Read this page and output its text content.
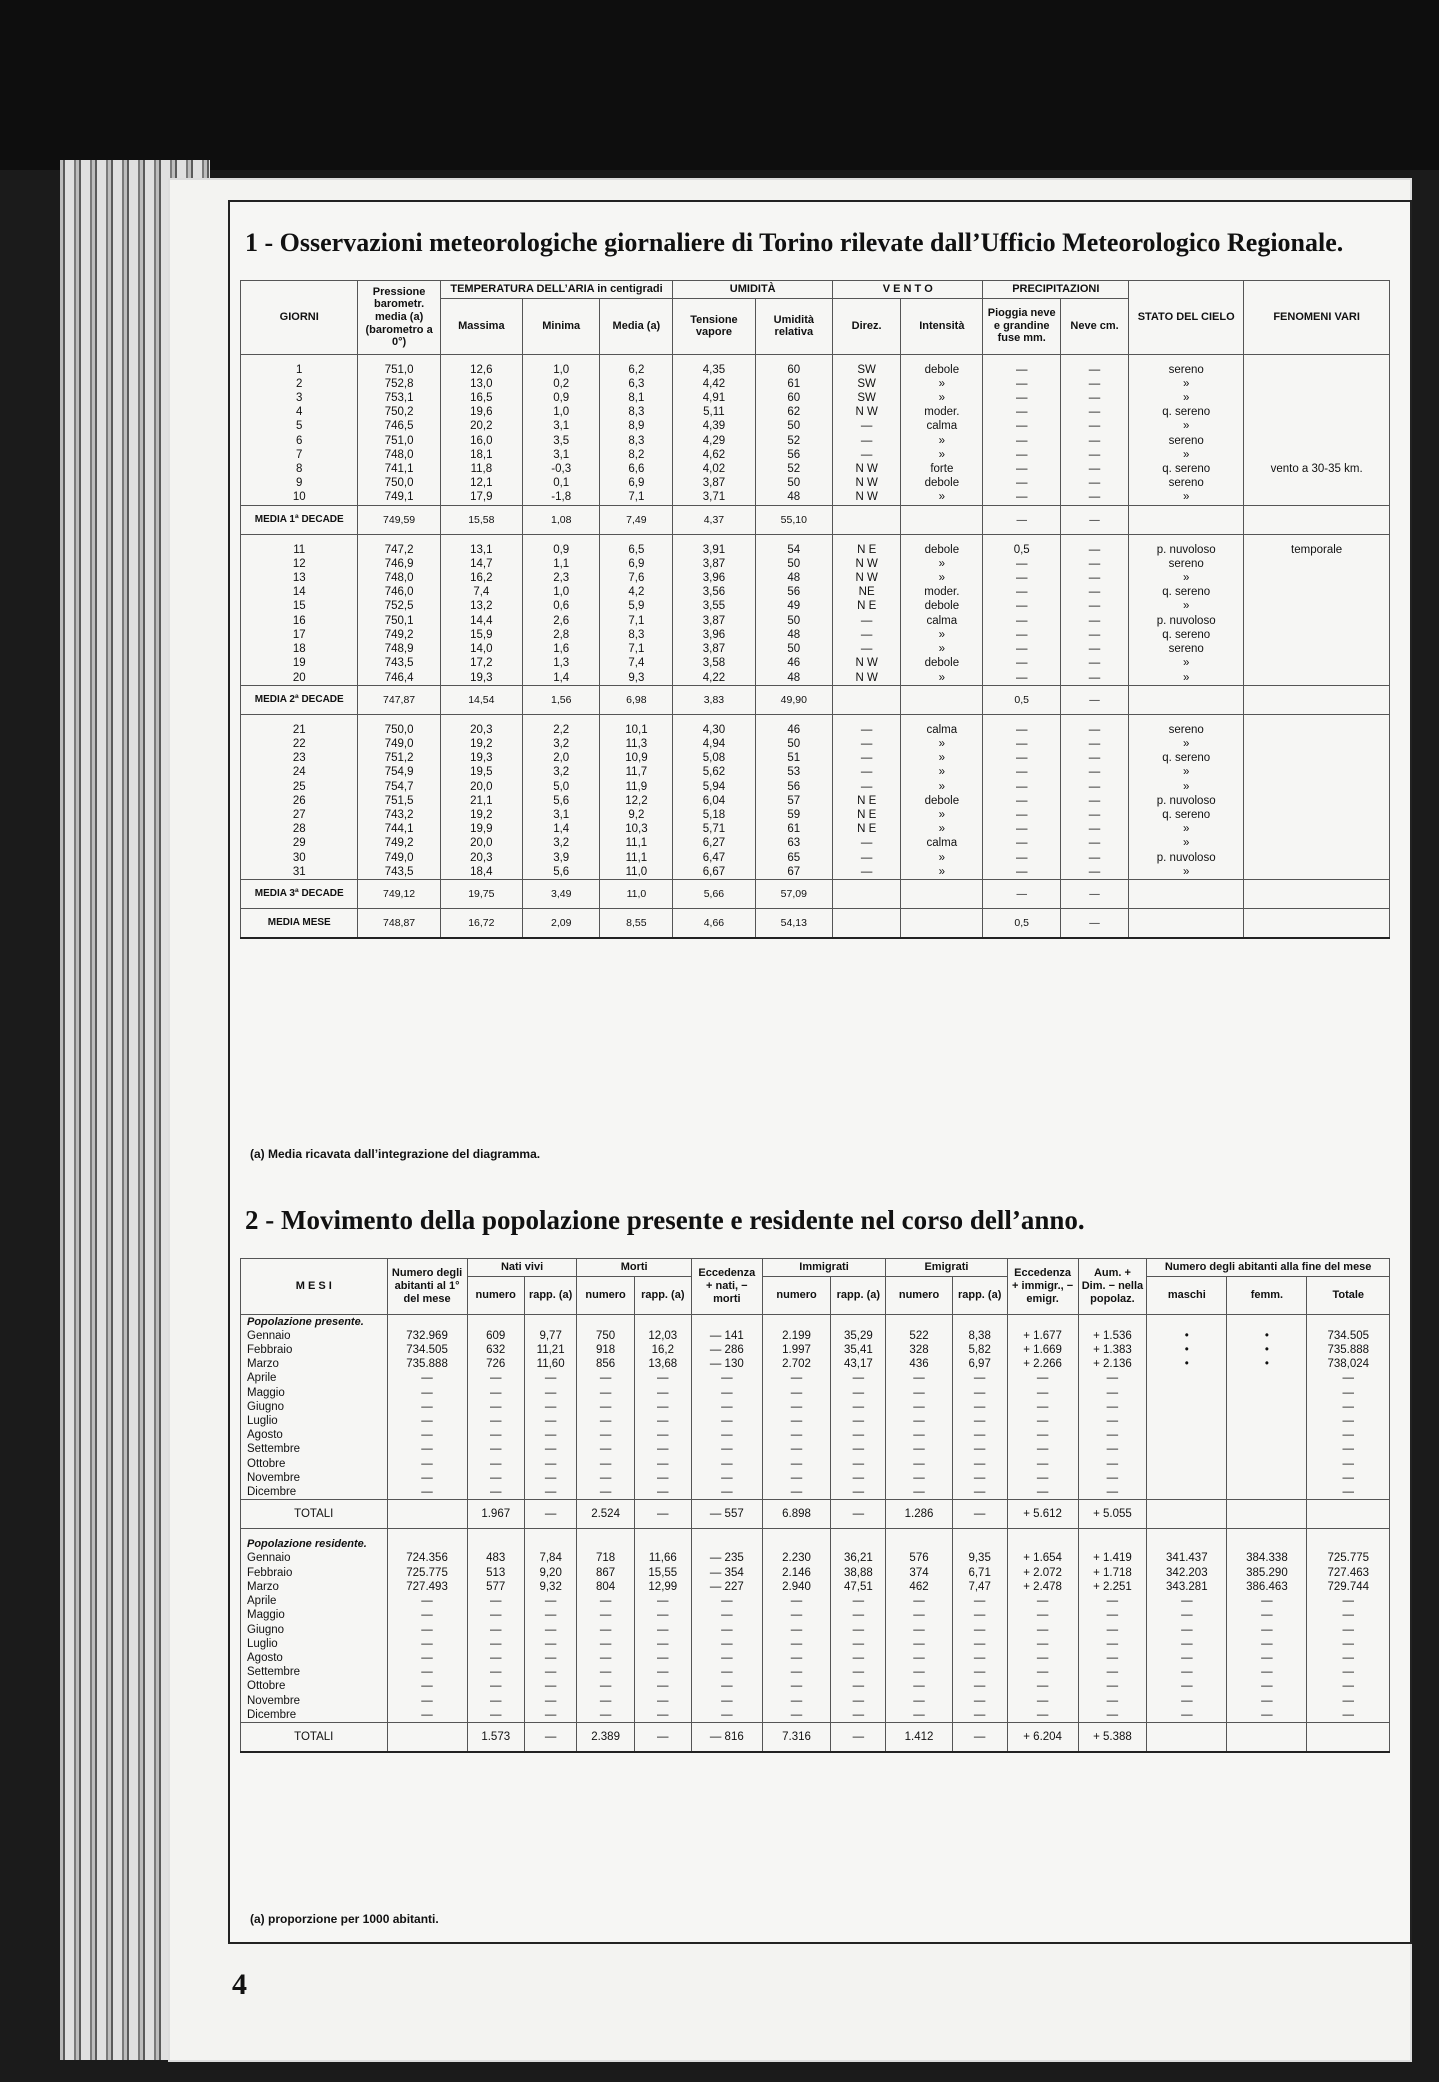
1 - Osservazioni meteorologiche giornaliere di Torino rilevate dall’Ufficio Meteorologico Regionale.
GIORNI	Pressione barometr. media (a) (barometro a 0°)	TEMPERATURA DELL’ARIA in centigradi			UMIDITÀ		V E N T O		PRECIPITAZIONI		STATO DEL CIELO	FENOMENI VARI
		Massima	Minima	Media (a)	Tensione vapore	Umidità relativa	Direz.	Intensità	Pioggia neve e grandine fuse mm.	Neve cm.		

1	751,0	12,6	1,0	6,2	4,35	60	SW	debole	—	—	sereno	
2	752,8	13,0	0,2	6,3	4,42	61	SW	»	—	—	»	
3	753,1	16,5	0,9	8,1	4,91	60	SW	»	—	—	»	
4	750,2	19,6	1,0	8,3	5,11	62	N W	moder.	—	—	q. sereno	
5	746,5	20,2	3,1	8,9	4,39	50	—	calma	—	—	»	
6	751,0	16,0	3,5	8,3	4,29	52	—	»	—	—	sereno	
7	748,0	18,1	3,1	8,2	4,62	56	—	»	—	—	»	
8	741,1	11,8	-0,3	6,6	4,02	52	N W	forte	—	—	q. sereno	vento a 30-35 km.
9	750,0	12,1	0,1	6,9	3,87	50	N W	debole	—	—	sereno	
10	749,1	17,9	-1,8	7,1	3,71	48	N W	»	—	—	»	
MEDIA 1ª DECADE	749,59	15,58	1,08	7,49	4,37	55,10			—	—		

11	747,2	13,1	0,9	6,5	3,91	54	N E	debole	0,5	—	p. nuvoloso	temporale
12	746,9	14,7	1,1	6,9	3,87	50	N W	»	—	—	sereno	
13	748,0	16,2	2,3	7,6	3,96	48	N W	»	—	—	»	
14	746,0	7,4	1,0	4,2	3,56	56	NE	moder.	—	—	q. sereno	
15	752,5	13,2	0,6	5,9	3,55	49	N E	debole	—	—	»	
16	750,1	14,4	2,6	7,1	3,87	50	—	calma	—	—	p. nuvoloso	
17	749,2	15,9	2,8	8,3	3,96	48	—	»	—	—	q. sereno	
18	748,9	14,0	1,6	7,1	3,87	50	—	»	—	—	sereno	
19	743,5	17,2	1,3	7,4	3,58	46	N W	debole	—	—	»	
20	746,4	19,3	1,4	9,3	4,22	48	N W	»	—	—	»	
MEDIA 2ª DECADE	747,87	14,54	1,56	6,98	3,83	49,90			0,5	—		

21	750,0	20,3	2,2	10,1	4,30	46	—	calma	—	—	sereno	
22	749,0	19,2	3,2	11,3	4,94	50	—	»	—	—	»	
23	751,2	19,3	2,0	10,9	5,08	51	—	»	—	—	q. sereno	
24	754,9	19,5	3,2	11,7	5,62	53	—	»	—	—	»	
25	754,7	20,0	5,0	11,9	5,94	56	—	»	—	—	»	
26	751,5	21,1	5,6	12,2	6,04	57	N E	debole	—	—	p. nuvoloso	
27	743,2	19,2	3,1	9,2	5,18	59	N E	»	—	—	q. sereno	
28	744,1	19,9	1,4	10,3	5,71	61	N E	»	—	—	»	
29	749,2	20,0	3,2	11,1	6,27	63	—	calma	—	—	»	
30	749,0	20,3	3,9	11,1	6,47	65	—	»	—	—	p. nuvoloso	
31	743,5	18,4	5,6	11,0	6,67	67	—	»	—	—	»	
MEDIA 3ª DECADE	749,12	19,75	3,49	11,0	5,66	57,09			—	—		
MEDIA MESE	748,87	16,72	2,09	8,55	4,66	54,13			0,5	—		
(a) Media ricavata dall’integrazione del diagramma.
2 - Movimento della popolazione presente e residente nel corso dell’anno.
M E S I	Numero degli abitanti al 1° del mese	Nati vivi		Morti		Eccedenza + nati, − morti	Immigrati		Emigrati		Eccedenza + immigr., − emigr.	Aum. + Dim. − nella popolaz.	Numero degli abitanti alla fine del mese		
		numero	rapp. (a)	numero	rapp. (a)		numero	rapp. (a)	numero	rapp. (a)			maschi	femm.	Totale
Popolazione presente.															
Gennaio	732.969	609	9,77	750	12,03	— 141	2.199	35,29	522	8,38	+ 1.677	+ 1.536	•	•	734.505
Febbraio	734.505	632	11,21	918	16,2	— 286	1.997	35,41	328	5,82	+ 1.669	+ 1.383	•	•	735.888
Marzo	735.888	726	11,60	856	13,68	— 130	2.702	43,17	436	6,97	+ 2.266	+ 2.136	•	•	738,024
Aprile	—	—	—	—	—	—	—	—	—	—	—	—			—
Maggio	—	—	—	—	—	—	—	—	—	—	—	—			—
Giugno	—	—	—	—	—	—	—	—	—	—	—	—			—
Luglio	—	—	—	—	—	—	—	—	—	—	—	—			—
Agosto	—	—	—	—	—	—	—	—	—	—	—	—			—
Settembre	—	—	—	—	—	—	—	—	—	—	—	—			—
Ottobre	—	—	—	—	—	—	—	—	—	—	—	—			—
Novembre	—	—	—	—	—	—	—	—	—	—	—	—			—
Dicembre	—	—	—	—	—	—	—	—	—	—	—	—			—
TOTALI		1.967	—	2.524	—	— 557	6.898	—	1.286	—	+ 5.612	+ 5.055			

Popolazione residente.															
Gennaio	724.356	483	7,84	718	11,66	— 235	2.230	36,21	576	9,35	+ 1.654	+ 1.419	341.437	384.338	725.775
Febbraio	725.775	513	9,20	867	15,55	— 354	2.146	38,88	374	6,71	+ 2.072	+ 1.718	342.203	385.290	727.463
Marzo	727.493	577	9,32	804	12,99	— 227	2.940	47,51	462	7,47	+ 2.478	+ 2.251	343.281	386.463	729.744
Aprile	—	—	—	—	—	—	—	—	—	—	—	—	—	—	—
Maggio	—	—	—	—	—	—	—	—	—	—	—	—	—	—	—
Giugno	—	—	—	—	—	—	—	—	—	—	—	—	—	—	—
Luglio	—	—	—	—	—	—	—	—	—	—	—	—	—	—	—
Agosto	—	—	—	—	—	—	—	—	—	—	—	—	—	—	—
Settembre	—	—	—	—	—	—	—	—	—	—	—	—	—	—	—
Ottobre	—	—	—	—	—	—	—	—	—	—	—	—	—	—	—
Novembre	—	—	—	—	—	—	—	—	—	—	—	—	—	—	—
Dicembre	—	—	—	—	—	—	—	—	—	—	—	—	—	—	—
TOTALI		1.573	—	2.389	—	— 816	7.316	—	1.412	—	+ 6.204	+ 5.388			
(a) proporzione per 1000 abitanti.
4
